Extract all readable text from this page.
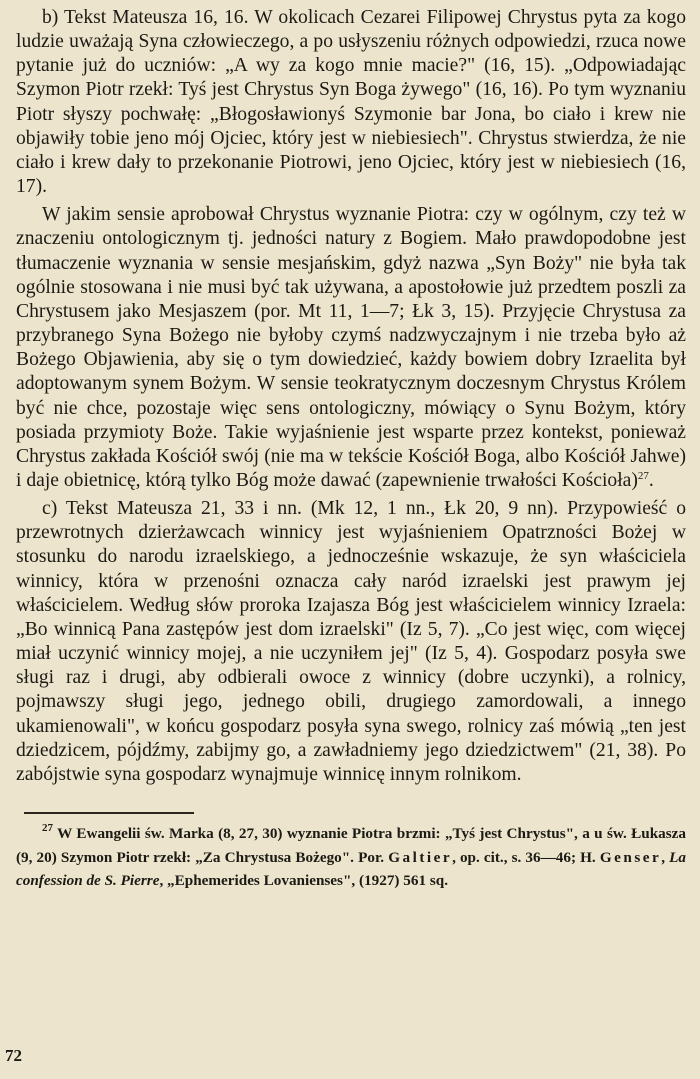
b) Tekst Mateusza 16, 16. W okolicach Cezarei Filipowej Chrystus pyta za kogo ludzie uważają Syna człowieczego, a po usłyszeniu różnych odpowiedzi, rzuca nowe pytanie już do uczniów: „A wy za kogo mnie macie?" (16, 15). „Odpowiadając Szymon Piotr rzekł: Tyś jest Chrystus Syn Boga żywego" (16, 16). Po tym wyznaniu Piotr słyszy pochwałę: „Błogosławionyś Szymonie bar Jona, bo ciało i krew nie objawiły tobie jeno mój Ojciec, który jest w niebiesiech". Chrystus stwierdza, że nie ciało i krew dały to przekonanie Piotrowi, jeno Ojciec, który jest w niebiesiech (16, 17).

W jakim sensie aprobował Chrystus wyznanie Piotra: czy w ogólnym, czy też w znaczeniu ontologicznym tj. jedności natury z Bogiem. Mało prawdopodobne jest tłumaczenie wyznania w sensie mesjańskim, gdyż nazwa „Syn Boży" nie była tak ogólnie stosowana i nie musi być tak używana, a apostołowie już przedtem poszli za Chrystusem jako Mesjaszem (por. Mt 11, 1—7; Łk 3, 15). Przyjęcie Chrystusa za przybranego Syna Bożego nie byłoby czymś nadzwyczajnym i nie trzeba było aż Bożego Objawienia, aby się o tym dowiedzieć, każdy bowiem dobry Izraelita był adoptowanym synem Bożym. W sensie teokratycznym doczesnym Chrystus Królem być nie chce, pozostaje więc sens ontologiczny, mówiący o Synu Bożym, który posiada przymioty Boże. Takie wyjaśnienie jest wsparte przez kontekst, ponieważ Chrystus zakłada Kościół swój (nie ma w tekście Kościół Boga, albo Kościół Jahwe) i daje obietnicę, którą tylko Bóg może dawać (zapewnienie trwałości Kościoła)$^{27}$.

c) Tekst Mateusza 21, 33 i nn. (Mk 12, 1 nn., Łk 20, 9 nn). Przypowieść o przewrotnych dzierżawcach winnicy jest wyjaśnieniem Opatrzności Bożej w stosunku do narodu izraelskiego, a jednocześnie wskazuje, że syn właściciela winnicy, która w przenośni oznacza cały naród izraelski jest prawym jej właścicielem. Według słów proroka Izajasza Bóg jest właścicielem winnicy Izraela: „Bo winnicą Pana zastępów jest dom izraelski" (Iz 5, 7). „Co jest więc, com więcej miał uczynić winnicy mojej, a nie uczyniłem jej" (Iz 5, 4). Gospodarz posyła swe sługi raz i drugi, aby odbierali owoce z winnicy (dobre uczynki), a rolnicy, pojmawszy sługi jego, jednego obili, drugiego zamordowali, a innego ukamienowali", w końcu gospodarz posyła syna swego, rolnicy zaś mówią „ten jest dziedzicem, pójdźmy, zabijmy go, a zawładniemy jego dziedzictwem" (21, 38). Po zabójstwie syna gospodarz wynajmuje winnicę innym rolnikom.

$^{27}$ W Ewangelii św. Marka (8, 27, 30) wyznanie Piotra brzmi: „Tyś jest Chrystus", a u św. Łukasza (9, 20) Szymon Piotr rzekł: „Za Chrystusa Bożego". Por. Galtier, op. cit., s. 36—46; H. Genser, La confession de S. Pierre, „Ephemerides Lovanienses", (1927) 561 sq.

72
